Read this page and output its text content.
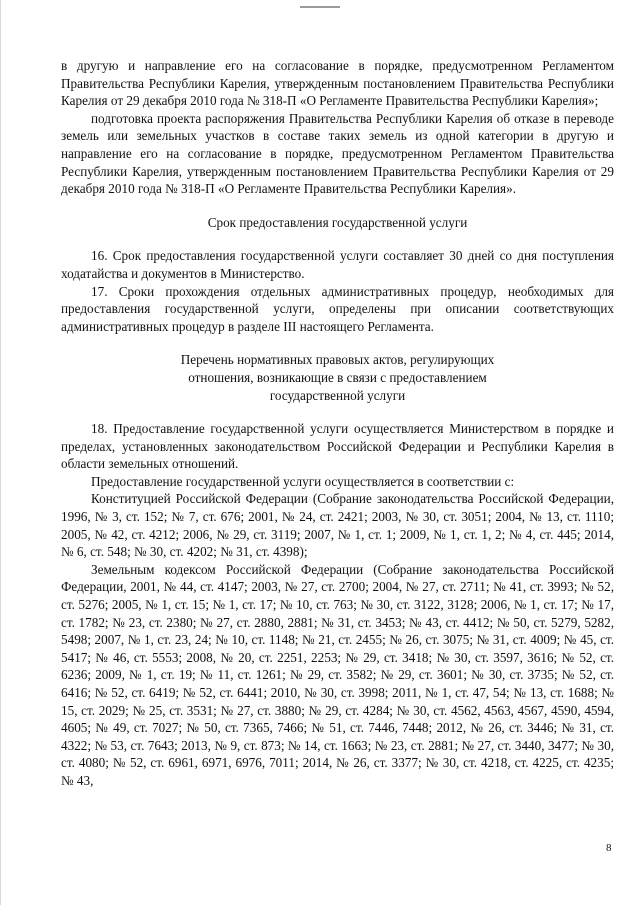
в другую и направление его на согласование в порядке, предусмотренном Регламентом Правительства Республики Карелия, утвержденным постановлением Правительства Республики Карелия от 29 декабря 2010 года № 318-П «О Регламенте Правительства Республики Карелия»;

подготовка проекта распоряжения Правительства Республики Карелия об отказе в переводе земель или земельных участков в составе таких земель из одной категории в другую и направление его на согласование в порядке, предусмотренном Регламентом Правительства Республики Карелия, утвержденным постановлением Правительства Республики Карелия от 29 декабря 2010 года № 318-П «О Регламенте Правительства Республики Карелия».

Срок предоставления государственной услуги

16. Срок предоставления государственной услуги составляет 30 дней со дня поступления ходатайства и документов в Министерство.

17. Сроки прохождения отдельных административных процедур, необходимых для предоставления государственной услуги, определены при описании соответствующих административных процедур в разделе III настоящего Регламента.

Перечень нормативных правовых актов, регулирующих

отношения, возникающие в связи с предоставлением

государственной услуги

18. Предоставление государственной услуги осуществляется Министерством в порядке и пределах, установленных законодательством Российской Федерации и Республики Карелия в области земельных отношений.

Предоставление государственной услуги осуществляется в соответствии с:

Конституцией Российской Федерации (Собрание законодательства Российской Федерации, 1996, № 3, ст. 152; № 7, ст. 676; 2001, № 24, ст. 2421; 2003, № 30, ст. 3051; 2004, № 13, ст. 1110; 2005, № 42, ст. 4212; 2006, № 29, ст. 3119; 2007, № 1, ст. 1; 2009, № 1, ст. 1, 2; № 4, ст. 445; 2014, № 6, ст. 548; № 30, ст. 4202; № 31, ст. 4398);

Земельным кодексом Российской Федерации (Собрание законодательства Российской Федерации, 2001, № 44, ст. 4147; 2003, № 27, ст. 2700; 2004, № 27, ст. 2711; № 41, ст. 3993; № 52, ст. 5276; 2005, № 1, ст. 15; № 1, ст. 17; № 10, ст. 763; № 30, ст. 3122, 3128; 2006, № 1, ст. 17; № 17, ст. 1782; № 23, ст. 2380; № 27, ст. 2880, 2881; № 31, ст. 3453; № 43, ст. 4412; № 50, ст. 5279, 5282, 5498; 2007, № 1, ст. 23, 24; № 10, ст. 1148; № 21, ст. 2455; № 26, ст. 3075; № 31, ст. 4009; № 45, ст. 5417; № 46, ст. 5553; 2008, № 20, ст. 2251, 2253; № 29, ст. 3418; № 30, ст. 3597, 3616; № 52, ст. 6236; 2009, № 1, ст. 19; № 11, ст. 1261; № 29, ст. 3582; № 29, ст. 3601; № 30, ст. 3735; № 52, ст. 6416; № 52, ст. 6419; № 52, ст. 6441; 2010, № 30, ст. 3998; 2011, № 1, ст. 47, 54; № 13, ст. 1688; № 15, ст. 2029; № 25, ст. 3531; № 27, ст. 3880; № 29, ст. 4284; № 30, ст. 4562, 4563, 4567, 4590, 4594, 4605; № 49, ст. 7027; № 50, ст. 7365, 7466; № 51, ст. 7446, 7448; 2012, № 26, ст. 3446; № 31, ст. 4322; № 53, ст. 7643; 2013, № 9, ст. 873; № 14, ст. 1663; № 23, ст. 2881; № 27, ст. 3440, 3477; № 30, ст. 4080; № 52, ст. 6961, 6971, 6976, 7011; 2014, № 26, ст. 3377; № 30, ст. 4218, ст. 4225, ст. 4235; № 43,

8
